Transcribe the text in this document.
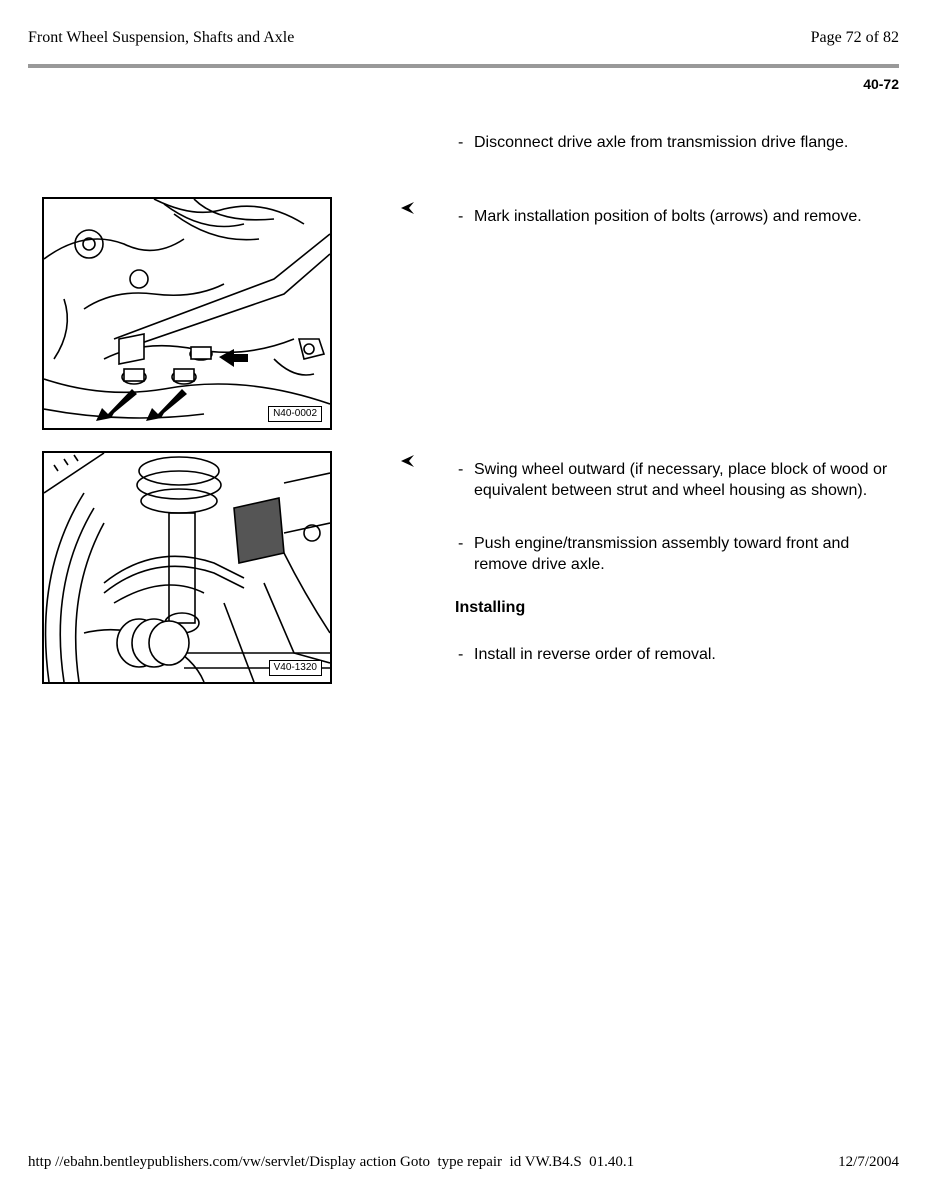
Front Wheel Suspension, Shafts and Axle	Page 72 of 82
40-72
- Disconnect drive axle from transmission drive flange.
N40-0002
- Mark installation position of bolts (arrows) and remove.
V40-1320
- Swing wheel outward (if necessary, place block of wood or equivalent between strut and wheel housing as shown).
- Push engine/transmission assembly toward front and remove drive axle.
Installing
- Install in reverse order of removal.
http //ebahn.bentleypublishers.com/vw/servlet/Display action Goto  type repair  id VW.B4.S  01.40.1	12/7/2004
